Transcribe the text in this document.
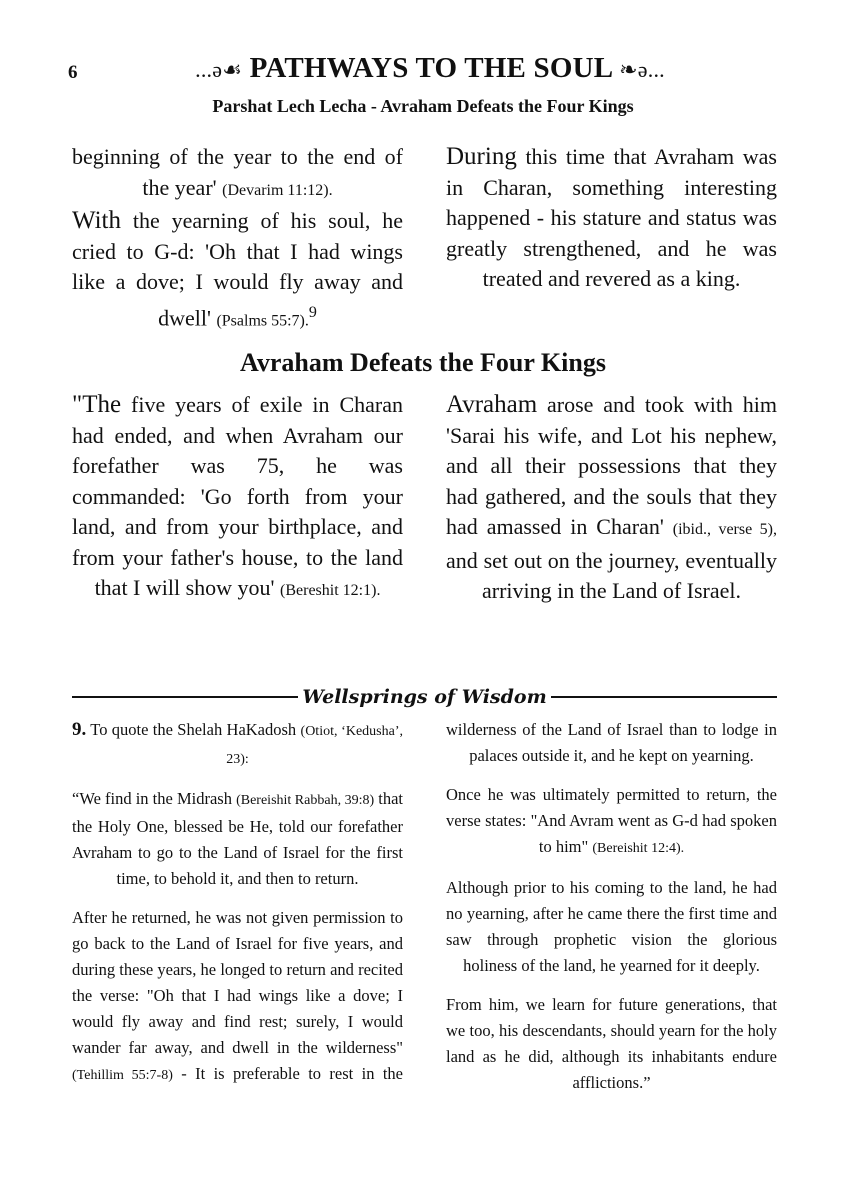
6	...ə☙ PATHWAYS TO THE SOUL ❧ə...
Parshat Lech Lecha - Avraham Defeats the Four Kings

beginning of the year to the end of the year' (Devarim 11:12).

With the yearning of his soul, he cried to G-d: 'Oh that I had wings like a dove; I would fly away and dwell' (Psalms 55:7).$^9$

During this time that Avraham was in Charan, something interesting happened - his stature and status was greatly strengthened, and he was treated and revered as a king.

Avraham Defeats the Four Kings

"The five years of exile in Charan had ended, and when Avraham our forefather was 75, he was commanded: 'Go forth from your land, and from your birthplace, and from your father's house, to the land that I will show you' (Bereshit 12:1).

Avraham arose and took with him 'Sarai his wife, and Lot his nephew, and all their possessions that they had gathered, and the souls that they had amassed in Charan' (ibid., verse 5), and set out on the journey, eventually arriving in the Land of Israel.

Wellsprings of Wisdom

9. To quote the Shelah HaKadosh (Otiot, ‘Kedusha’, 23):

“We find in the Midrash (Bereishit Rabbah, 39:8) that the Holy One, blessed be He, told our forefather Avraham to go to the Land of Israel for the first time, to behold it, and then to return.

After he returned, he was not given permission to go back to the Land of Israel for five years, and during these years, he longed to return and recited the verse: "Oh that I had wings like a dove; I would fly away and find rest; surely, I would wander far away, and dwell in the wilderness" (Tehillim 55:7-8) - It is preferable to rest in the

wilderness of the Land of Israel than to lodge in palaces outside it, and he kept on yearning.

Once he was ultimately permitted to return, the verse states: "And Avram went as G-d had spoken to him" (Bereishit 12:4).

Although prior to his coming to the land, he had no yearning, after he came there the first time and saw through prophetic vision the glorious holiness of the land, he yearned for it deeply.

From him, we learn for future generations, that we too, his descendants, should yearn for the holy land as he did, although its inhabitants endure afflictions.”
